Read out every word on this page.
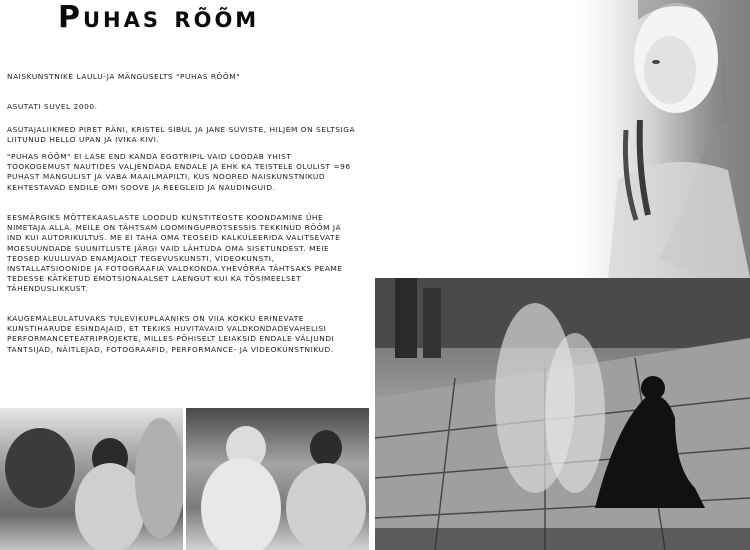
Puhas rõõm

NAISKUNSTNIKE LAULU-JA MÄNGUSELTS "PUHAS RÕÕM"

ASUTATI SUVEL 2000.

ASUTAJALIIKMED PIRET RÄNI, KRISTEL SIBUL JA JANE SUVISTE, HILJEM ON SELTSIGA LIITUNUD HELLO UPAN JA IVIKA KIVI.

"PUHAS RÕÕM" EI LASE END KANDA EGOTRIPIL VAID LOODAB YHIST TOOKOGEMUST NAUTIDES VALJENDADA ENDALE JA EHK KA TEISTELE OLULIST =96 PUHAST MANGULIST JA VABA MAAILMAPILTI, KUS NOORED NAISKUNSTNIKUD KEHTESTAVAD ENDILE OMI SOOVE JA REEGLEID JA NAUDINGUID.

EESMÄRGIKS MÕTTEKAASLASTE LOODUD KUNSTITEOSTE KOONDAMINE ÜHE NIMETAJA ALLA. MEILE ON TÄHTSAM LOOMINGUPROTSESSIS TEKKINUD RÕÕM JA IND KUI AUTORIKULTUS. ME EI TAHA OMA TEOSEID KALKULEERIDA VALITSEVATE MOESUUNDADE SUUNITLUSTE JÄRGI VAID LÄHTUDA OMA SISETUNDEST. MEIE TEOSED KUULUVAD ENAMJAOLT TEGEVUSKUNSTI, VIDEOKUNSTI, INSTALLATSIOONIDE JA FOTOGRAAFIA VALDKONDA.YHEVÕRRA TÄHTSAKS PEAME TEDESSE KÄTKETUD EMOTSIONAALSET LAENGUT KUI KA TÕSIMEELSET TÄHENDUSLIKKUST.

KAUGEMALEULATUVAKS TULEVIKUPLAANIKS ON VIIA KOKKU ERINEVATE KUNSTIHARUDE ESINDAJAID, ET TEKIKS HUVITAVAID VALDKONDADEVAHELISI PERFORMANCETEATRIPROJEKTE, MILLES PÕHISELT LEIAKSID ENDALE VÄLJUNDI TANTSIJAD, NÄITLEJAD, FOTOGRAAFID, PERFORMANCE- JA VIDEOKUNSTNIKUD.
